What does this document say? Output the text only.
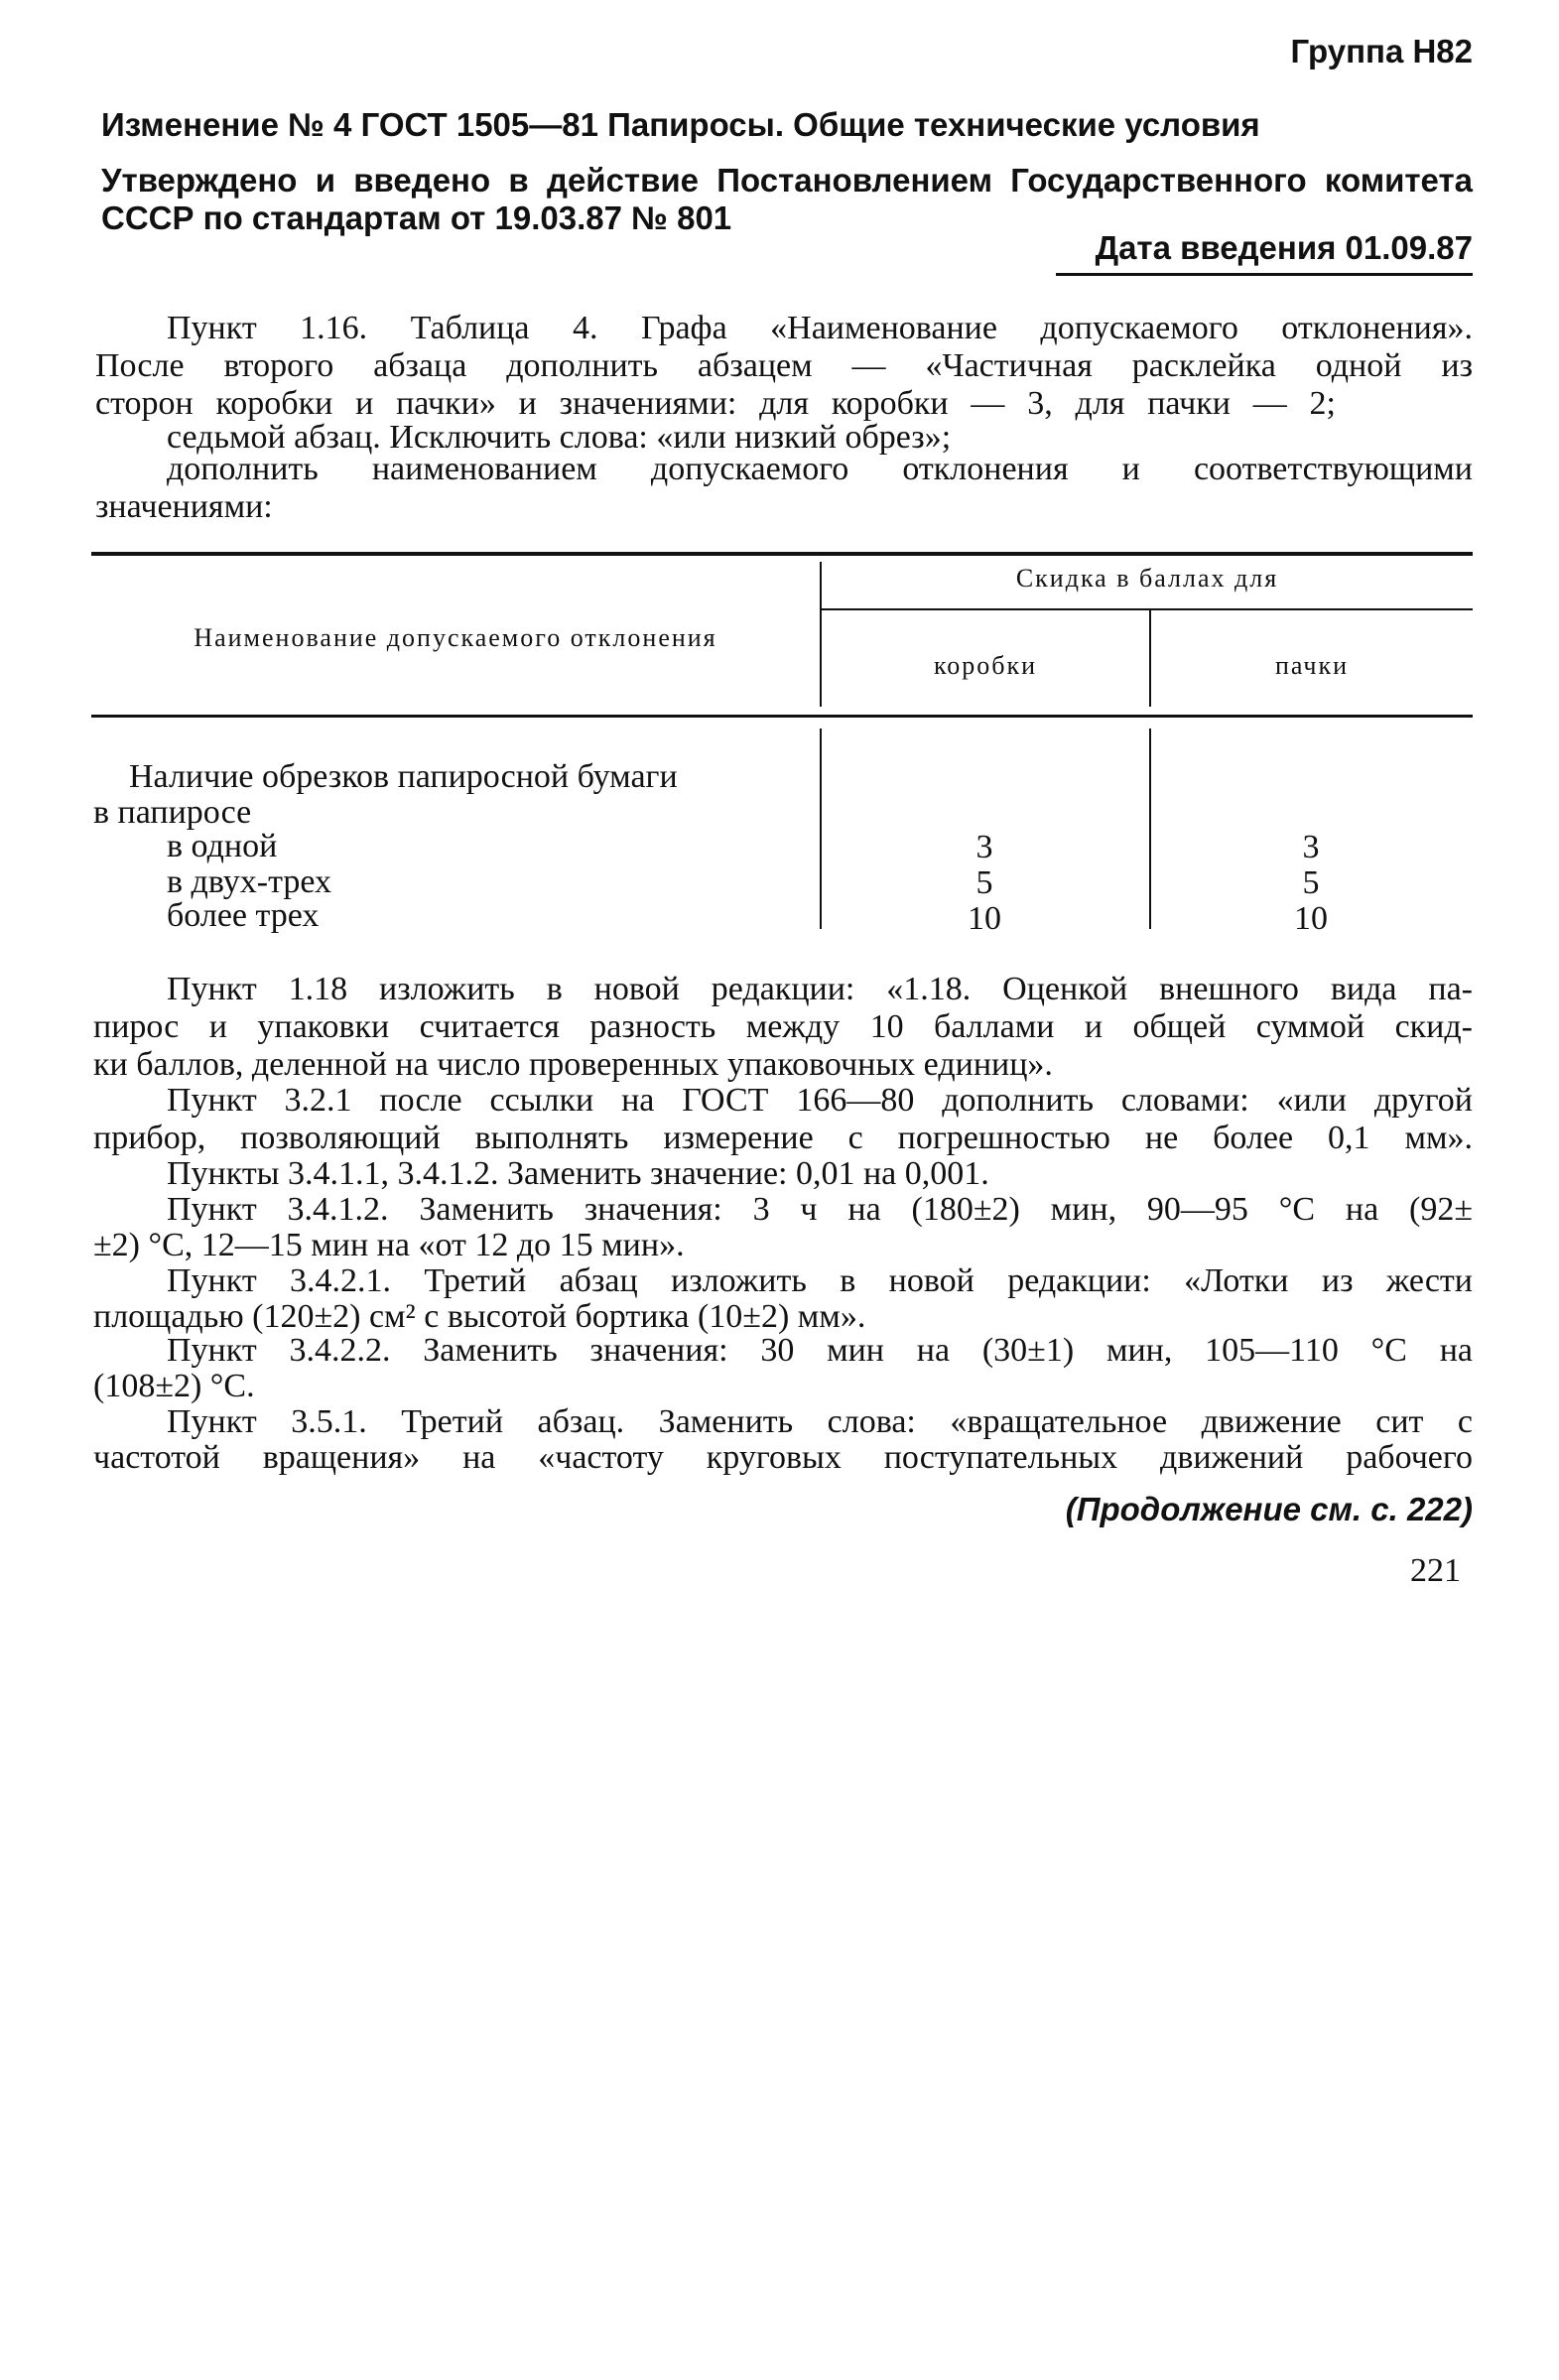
Группа Н82
Изменение № 4 ГОСТ 1505—81 Папиросы. Общие технические условия
Утверждено и введено в действие Постановлением Государственного комитета
СССР по стандартам от 19.03.87 № 801
Дата введения 01.09.87
Пункт 1.16. Таблица 4. Графа «Наименование допускаемого отклонения».
После второго абзаца дополнить абзацем — «Частичная расклейка одной из
сторон коробки и пачки» и значениями: для коробки — 3, для пачки — 2;
седьмой абзац. Исключить слова: «или низкий обрез»;
дополнить наименованием допускаемого отклонения и соответствующими
значениями:
Наименование допускаемого отклонения
Скидка в баллах для
коробки	пачки
Наличие обрезков папиросной бумаги
в папиросе
в одной	3	3
в двух-трех	5	5
более трех	10	10
Пункт 1.18 изложить в новой редакции: «1.18. Оценкой внешного вида па-
пирос и упаковки считается разность между 10 баллами и общей суммой скид-
ки баллов, деленной на число проверенных упаковочных единиц».
Пункт 3.2.1 после ссылки на ГОСТ 166—80 дополнить словами: «или другой
прибор, позволяющий выполнять измерение с погрешностью не более 0,1 мм».
Пункты 3.4.1.1, 3.4.1.2. Заменить значение: 0,01 на 0,001.
Пункт 3.4.1.2. Заменить значения: 3 ч на (180±2) мин, 90—95 °С на (92±
±2) °С, 12—15 мин на «от 12 до 15 мин».
Пункт 3.4.2.1. Третий абзац изложить в новой редакции: «Лотки из жести
площадью (120±2) см² с высотой бортика (10±2) мм».
Пункт 3.4.2.2. Заменить значения: 30 мин на (30±1) мин, 105—110 °С на
(108±2) °С.
Пункт 3.5.1. Третий абзац. Заменить слова: «вращательное движение сит с
частотой вращения» на «частоту круговых поступательных движений рабочего
(Продолжение см. с. 222)
221
